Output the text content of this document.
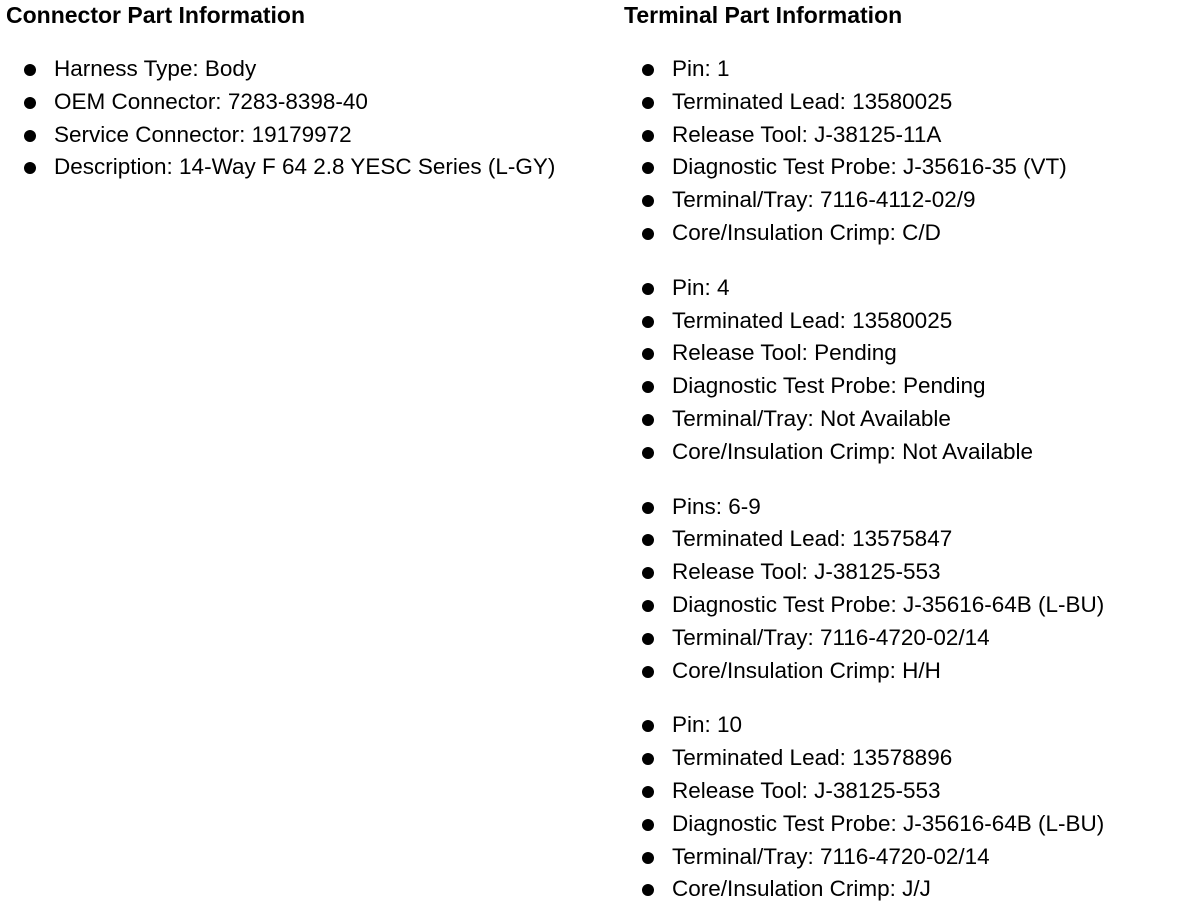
Connector Part Information
Harness Type: Body
OEM Connector: 7283-8398-40
Service Connector: 19179972
Description: 14-Way F 64 2.8 YESC Series (L-GY)
Terminal Part Information
Pin: 1
Terminated Lead: 13580025
Release Tool: J-38125-11A
Diagnostic Test Probe: J-35616-35 (VT)
Terminal/Tray: 7116-4112-02/9
Core/Insulation Crimp: C/D
Pin: 4
Terminated Lead: 13580025
Release Tool: Pending
Diagnostic Test Probe: Pending
Terminal/Tray: Not Available
Core/Insulation Crimp: Not Available
Pins: 6-9
Terminated Lead: 13575847
Release Tool: J-38125-553
Diagnostic Test Probe: J-35616-64B (L-BU)
Terminal/Tray: 7116-4720-02/14
Core/Insulation Crimp: H/H
Pin: 10
Terminated Lead: 13578896
Release Tool: J-38125-553
Diagnostic Test Probe: J-35616-64B (L-BU)
Terminal/Tray: 7116-4720-02/14
Core/Insulation Crimp: J/J
